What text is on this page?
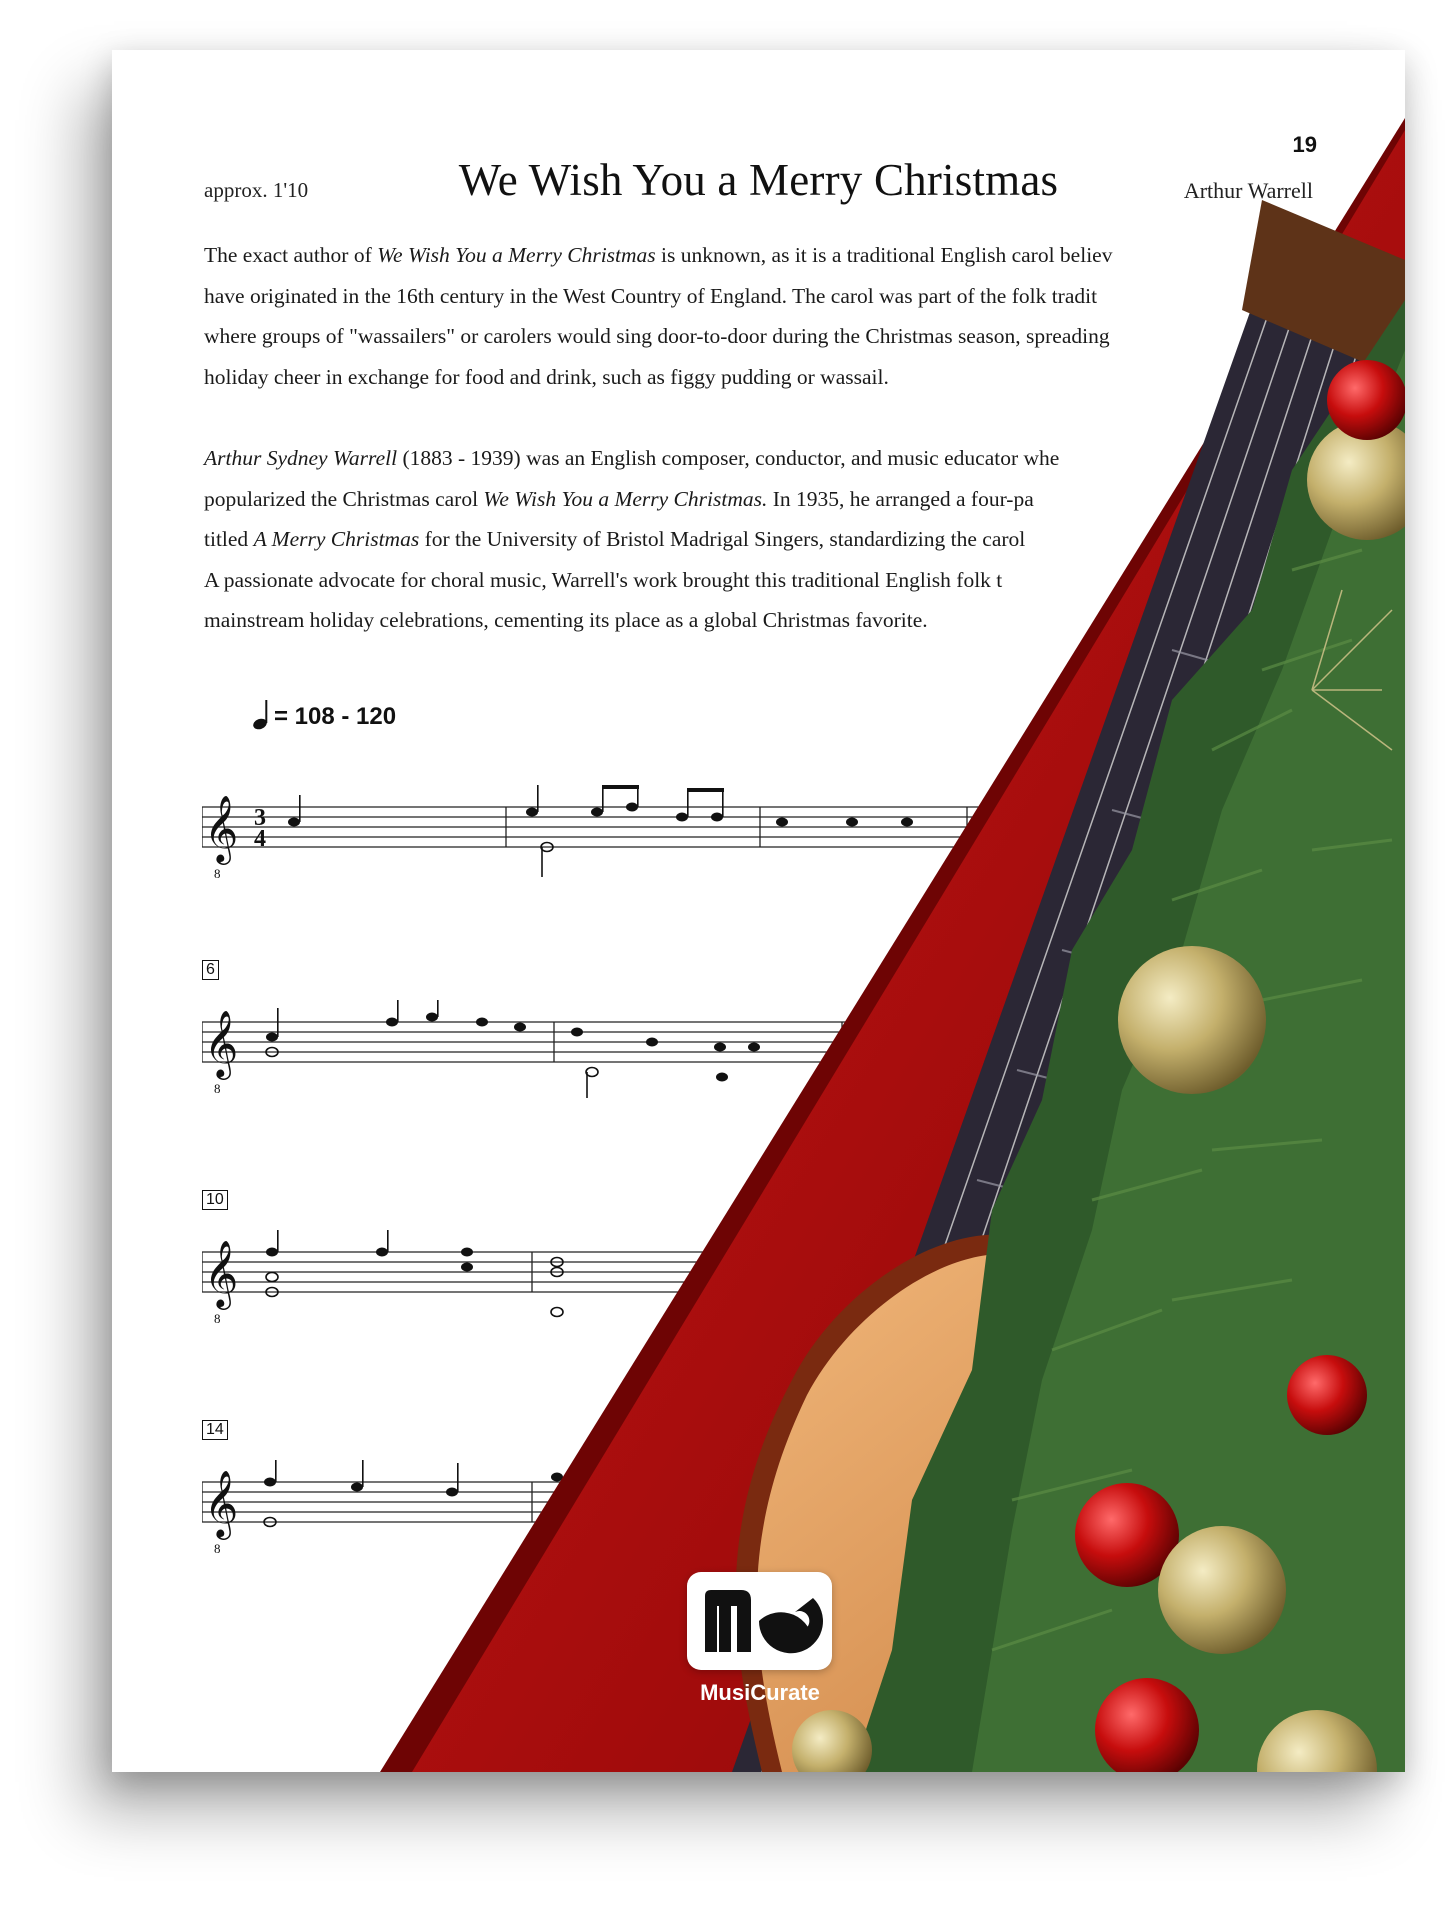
19
approx. 1'10	We Wish You a Merry Christmas	Arthur Warrell

The exact author of We Wish You a Merry Christmas is unknown, as it is a traditional English carol believ
have originated in the 16th century in the West Country of England. The carol was part of the folk tradit
where groups of "wassailers" or carolers would sing door-to-door during the Christmas season, spreading
holiday cheer in exchange for food and drink, such as figgy pudding or wassail.

Arthur Sydney Warrell (1883 - 1939) was an English composer, conductor, and music educator whe
popularized the Christmas carol We Wish You a Merry Christmas. In 1935, he arranged a four-pa
titled A Merry Christmas for the University of Bristol Madrigal Singers, standardizing the carol
A passionate advocate for choral music, Warrell's work brought this traditional English folk t
mainstream holiday celebrations, cementing its place as a global Christmas favorite.

= 108 - 120
𝄞
8
3
4
6
𝄞
8
10
𝄞
8
14
𝄞
8
MusiCurate
